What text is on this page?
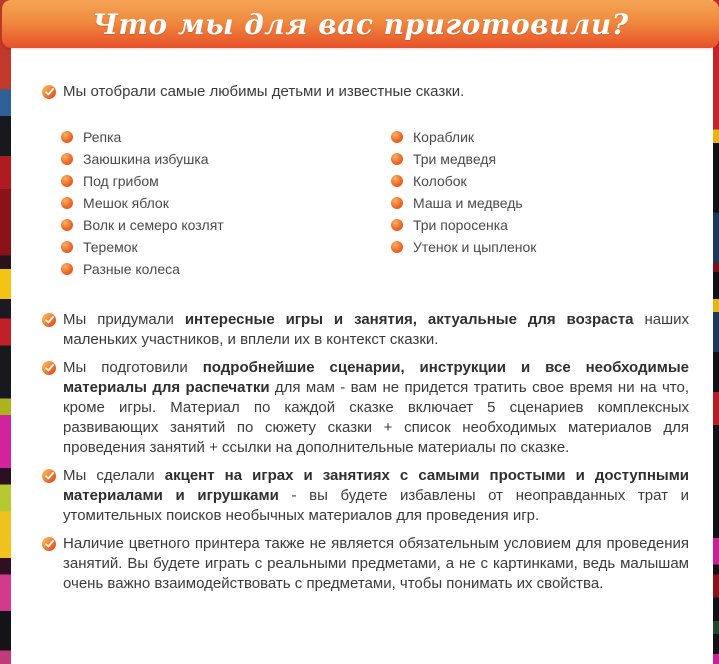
Что мы для вас приготовили?
Мы отобрали самые любимы детьми и известные сказки.
Репка
Заюшкина избушка
Под грибом
Мешок яблок
Волк и семеро козлят
Теремок
Разные колеса
Кораблик
Три медведя
Колобок
Маша и медведь
Три поросенка
Утенок и цыпленок
Мы придумали интересные игры и занятия, актуальные для возраста наших маленьких участников, и вплели их в контекст сказки.
Мы подготовили подробнейшие сценарии, инструкции и все необходимые материалы для распечатки для мам - вам не придется тратить свое время ни на что, кроме игры. Материал по каждой сказке включает 5 сценариев комплексных развивающих занятий по сюжету сказки + список необходимых материалов для проведения занятий + ссылки на дополнительные материалы по сказке.
Мы сделали акцент на играх и занятиях с самыми простыми и доступными материалами и игрушками - вы будете избавлены от неоправданных трат и утомительных поисков необычных материалов для проведения игр.
Наличие цветного принтера также не является обязательным условием для проведения занятий. Вы будете играть с реальными предметами, а не с картинками, ведь малышам очень важно взаимодействовать с предметами, чтобы понимать их свойства.
